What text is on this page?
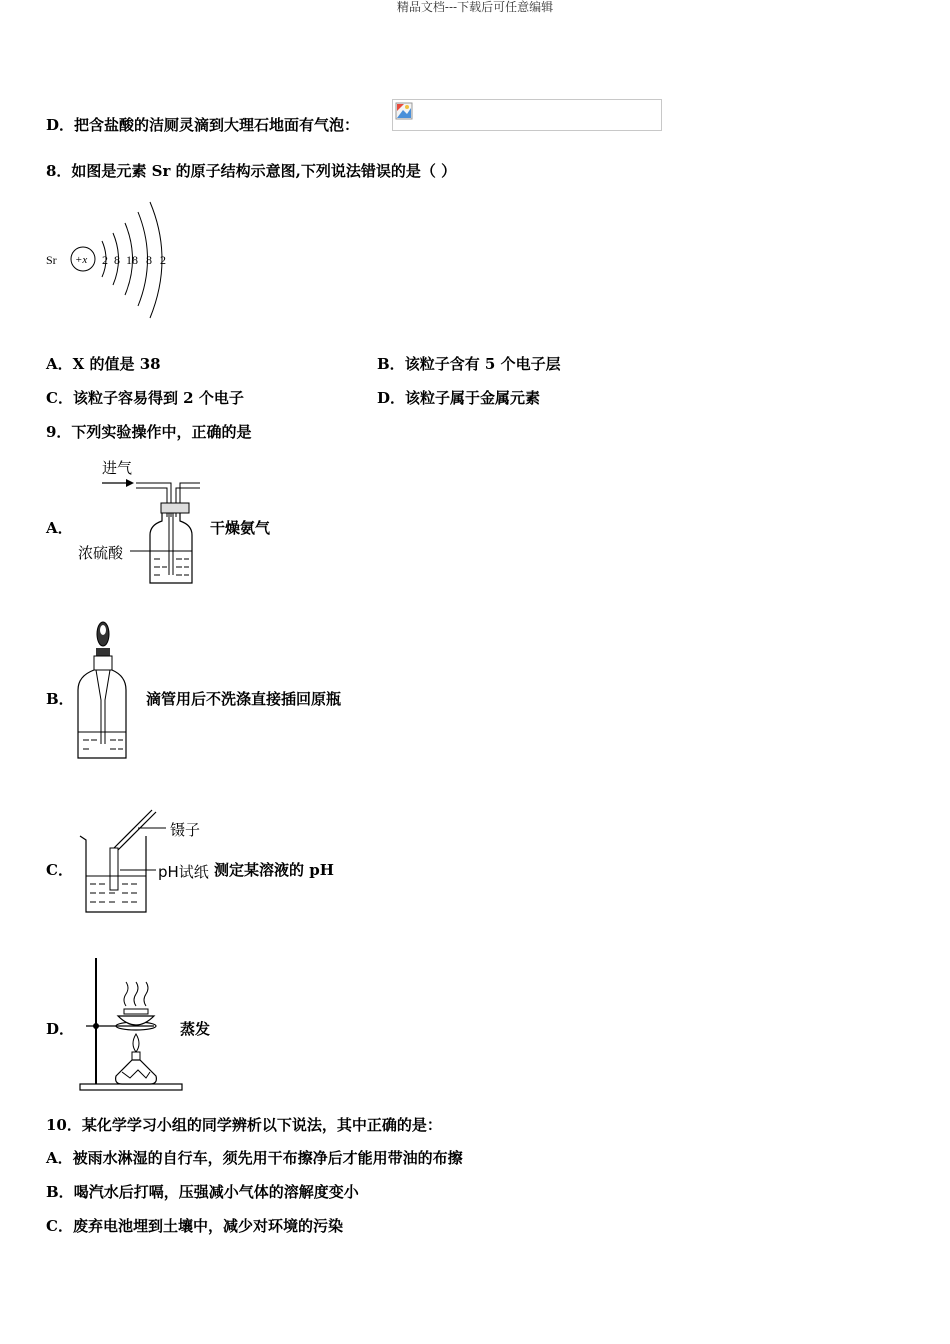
精品文档---下载后可任意编辑
D．把含盐酸的洁厕灵滴到大理石地面有气泡：
8．如图是元素 Sr 的原子结构示意图,下列说法错误的是（ ）
Sr +x 2 8 18 8 2
A．X 的值是 38	B．该粒子含有 5 个电子层
C．该粒子容易得到 2 个电子	D．该粒子属于金属元素
9．下列实验操作中，正确的是
进气
浓硫酸
A．	干燥氨气
B．	滴管用后不洗涤直接插回原瓶
镊子
pH试纸
C．	测定某溶液的 pH
D．	蒸发
10．某化学学习小组的同学辨析以下说法，其中正确的是：
A．被雨水淋湿的自行车，须先用干布擦净后才能用带油的布擦
B．喝汽水后打嗝，压强减小气体的溶解度变小
C．废弃电池埋到土壤中，减少对环境的污染
